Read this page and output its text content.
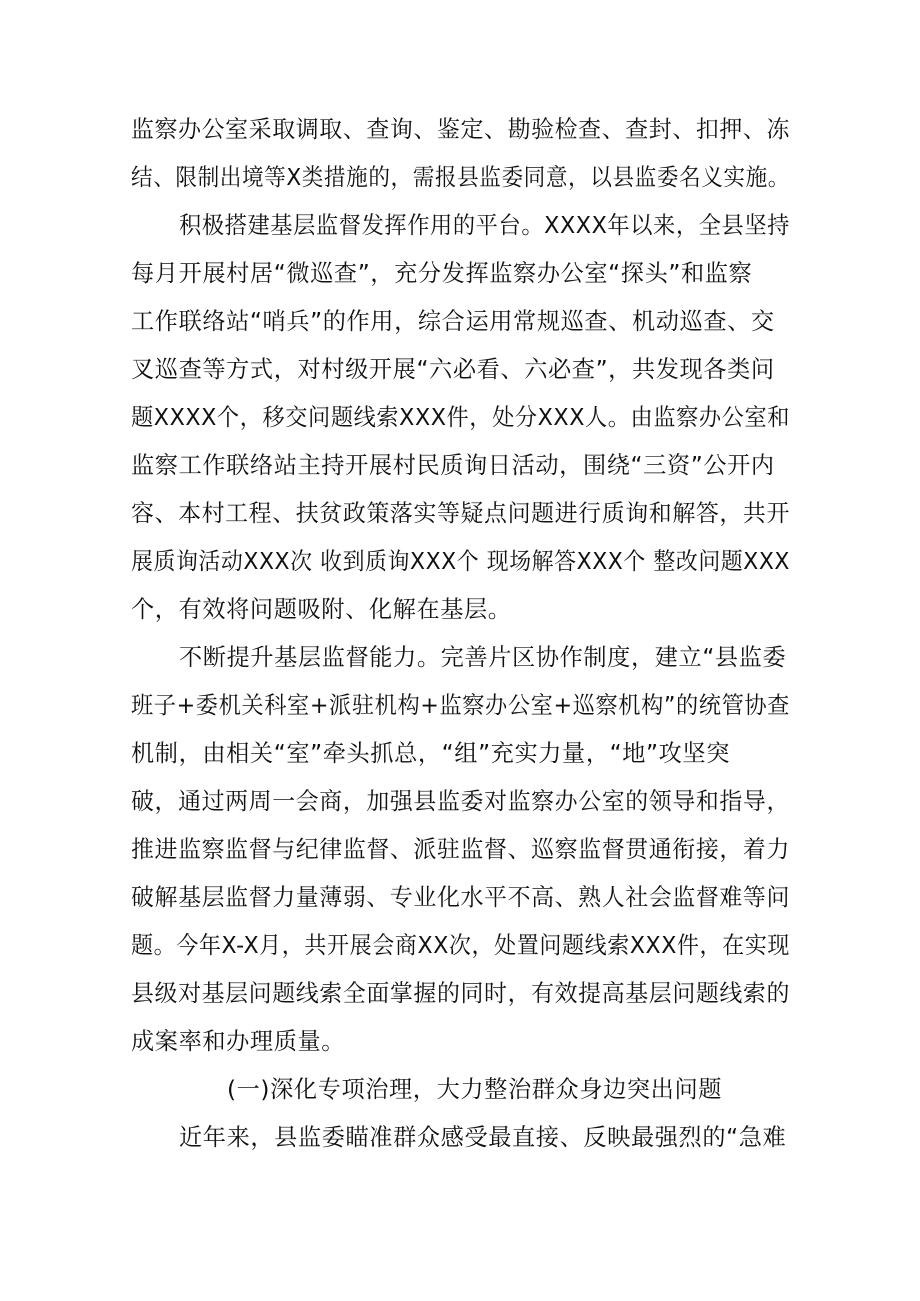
监察办公室采取调取、查询、鉴定、勘验检查、查封、扣押、冻
结、限制出境等X类措施的，需报县监委同意，以县监委名义实施。
积极搭建基层监督发挥作用的平台。XXXX年以来，全县坚持
每月开展村居“微巡查”，充分发挥监察办公室“探头”和监察
工作联络站“哨兵”的作用，综合运用常规巡查、机动巡查、交
叉巡查等方式，对村级开展“六必看、六必查”，共发现各类问
题XXXX个，移交问题线索XXX件，处分XXX人。由监察办公室和
监察工作联络站主持开展村民质询日活动，围绕“三资”公开内
容、本村工程、扶贫政策落实等疑点问题进行质询和解答，共开
展质询活动XXX次 收到质询XXX个 现场解答XXX个 整改问题XXX
个，有效将问题吸附、化解在基层。
不断提升基层监督能力。完善片区协作制度，建立“县监委
班子+委机关科室+派驻机构+监察办公室+巡察机构”的统管协查
机制，由相关“室”牵头抓总，“组”充实力量，“地”攻坚突
破，通过两周一会商，加强县监委对监察办公室的领导和指导，
推进监察监督与纪律监督、派驻监督、巡察监督贯通衔接，着力
破解基层监督力量薄弱、专业化水平不高、熟人社会监督难等问
题。今年X-X月，共开展会商XX次，处置问题线索XXX件，在实现
县级对基层问题线索全面掌握的同时，有效提高基层问题线索的
成案率和办理质量。
(一)深化专项治理，大力整治群众身边突出问题
近年来，县监委瞄准群众感受最直接、反映最强烈的“急难
